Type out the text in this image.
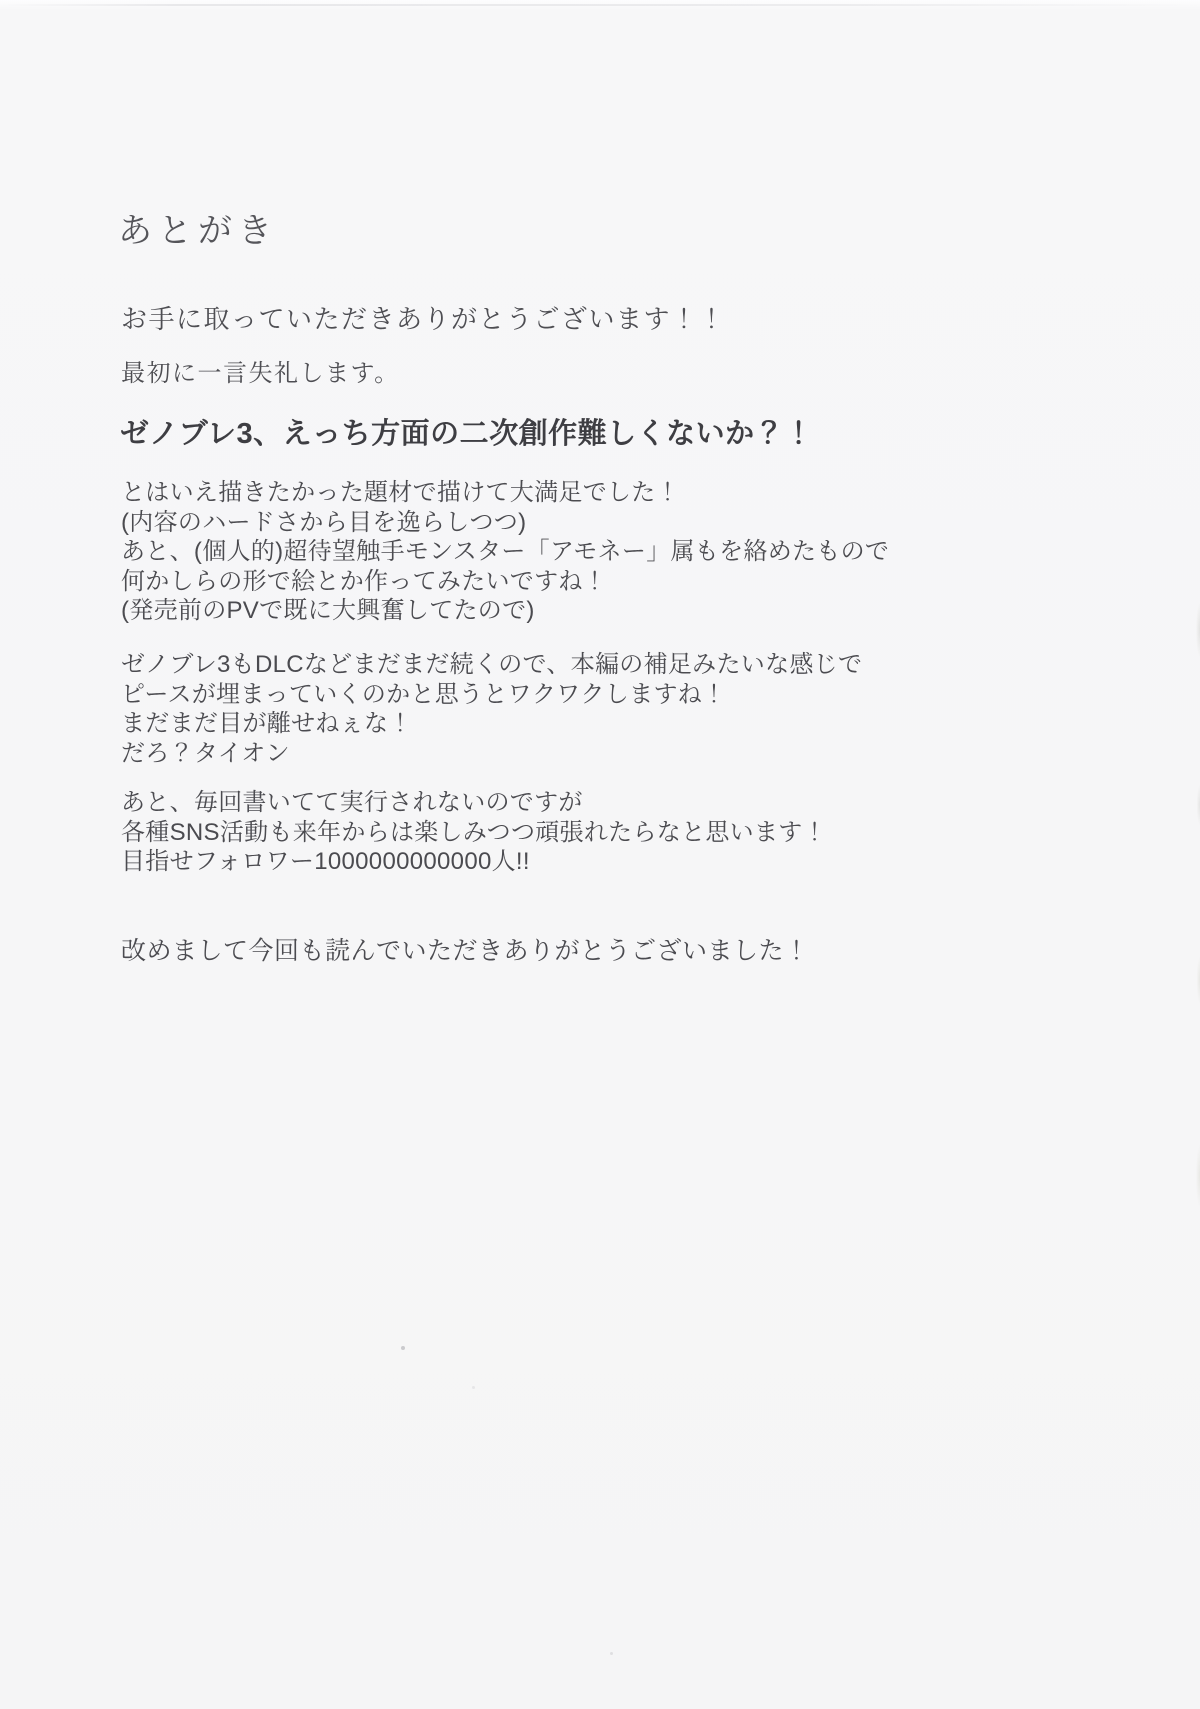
あとがき

お手に取っていただきありがとうございます！！

最初に一言失礼します。

ゼノブレ3、えっち方面の二次創作難しくないか？！

とはいえ描きたかった題材で描けて大満足でした！

(内容のハードさから目を逸らしつつ)

あと、(個人的)超待望触手モンスター「アモネー」属もを絡めたもので

何かしらの形で絵とか作ってみたいですね！

(発売前のPVで既に大興奮してたので)

ゼノブレ3もDLCなどまだまだ続くので、本編の補足みたいな感じで

ピースが埋まっていくのかと思うとワクワクしますね！

まだまだ目が離せねぇな！

だろ？タイオン

あと、毎回書いてて実行されないのですが

各種SNS活動も来年からは楽しみつつ頑張れたらなと思います！

目指せフォロワー1000000000000人!!

改めまして今回も読んでいただきありがとうございました！
